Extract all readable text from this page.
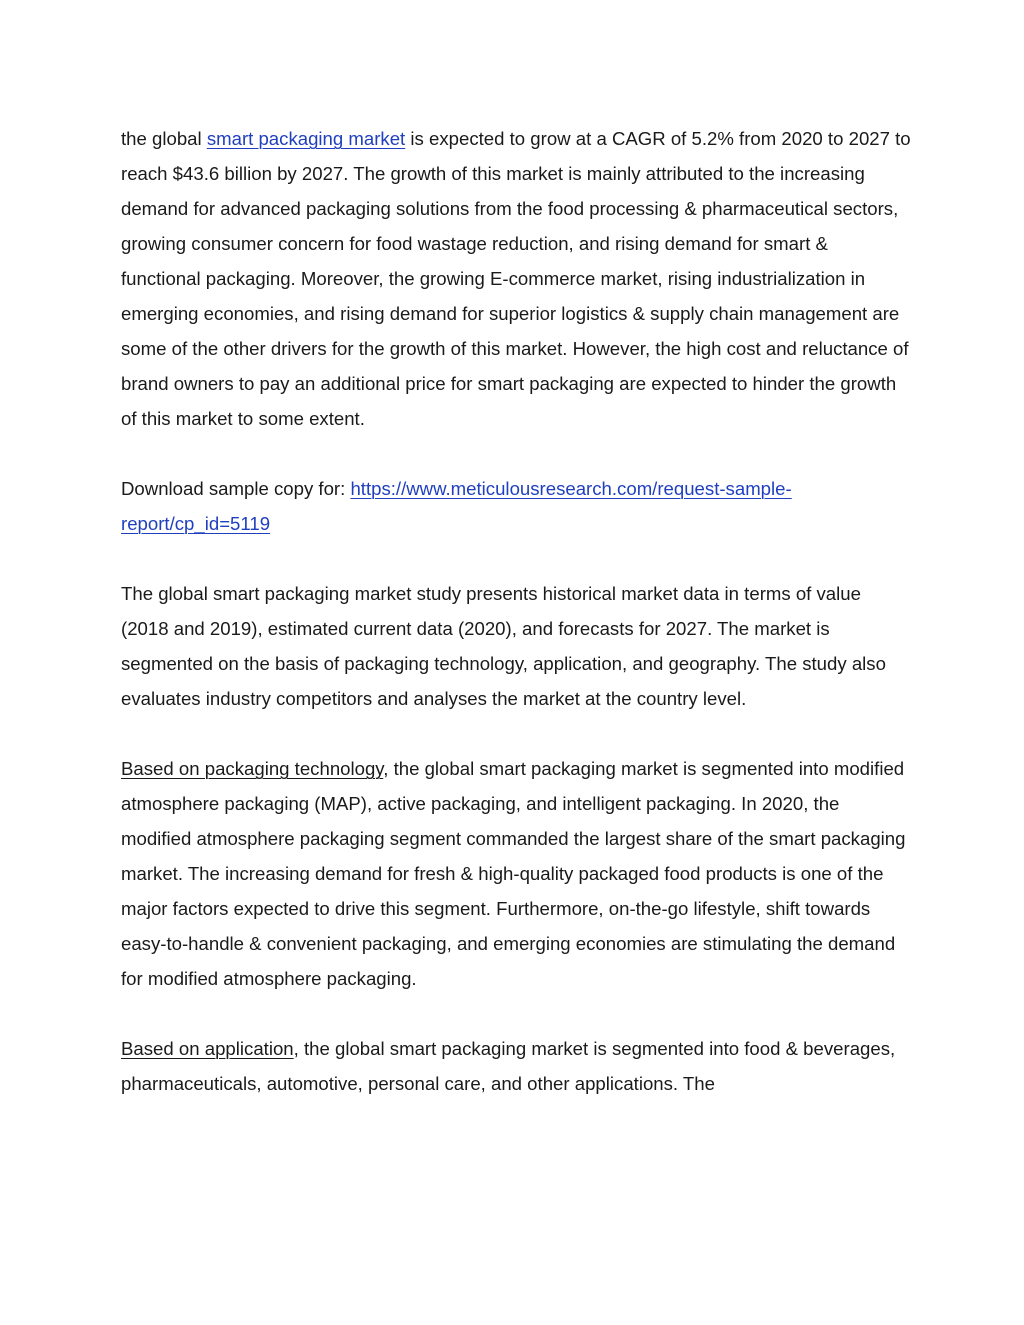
the global smart packaging market is expected to grow at a CAGR of 5.2% from 2020 to 2027 to reach $43.6 billion by 2027. The growth of this market is mainly attributed to the increasing demand for advanced packaging solutions from the food processing & pharmaceutical sectors, growing consumer concern for food wastage reduction, and rising demand for smart & functional packaging. Moreover, the growing E-commerce market, rising industrialization in emerging economies, and rising demand for superior logistics & supply chain management are some of the other drivers for the growth of this market. However, the high cost and reluctance of brand owners to pay an additional price for smart packaging are expected to hinder the growth of this market to some extent.

Download sample copy for: https://www.meticulousresearch.com/request-sample-report/cp_id=5119

The global smart packaging market study presents historical market data in terms of value (2018 and 2019), estimated current data (2020), and forecasts for 2027. The market is segmented on the basis of packaging technology, application, and geography. The study also evaluates industry competitors and analyses the market at the country level.

Based on packaging technology, the global smart packaging market is segmented into modified atmosphere packaging (MAP), active packaging, and intelligent packaging. In 2020, the modified atmosphere packaging segment commanded the largest share of the smart packaging market. The increasing demand for fresh & high-quality packaged food products is one of the major factors expected to drive this segment. Furthermore, on-the-go lifestyle, shift towards easy-to-handle & convenient packaging, and emerging economies are stimulating the demand for modified atmosphere packaging.

Based on application, the global smart packaging market is segmented into food & beverages, pharmaceuticals, automotive, personal care, and other applications. The
